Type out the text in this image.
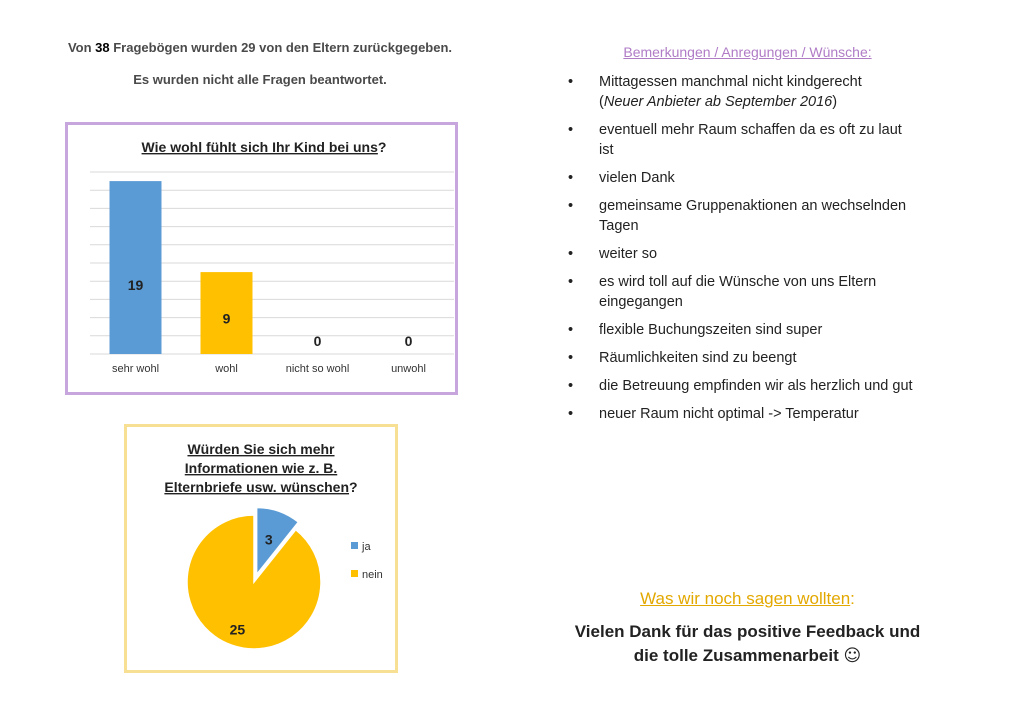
Von 38 Fragebögen wurden 29 von den Eltern zurückgegeben.
Es wurden nicht alle Fragen beantwortet.
Wie wohl fühlt sich Ihr Kind bei uns?
19
9
0	0
sehr wohl	wohl	nicht so wohl	unwohl
Würden Sie sich mehr
Informationen wie z. B.
Elternbriefe usw. wünschen?
3
25
ja
nein
Bemerkungen / Anregungen / Wünsche:
• Mittagessen manchmal nicht kindgerecht
(Neuer Anbieter ab September 2016)
• eventuell mehr Raum schaffen da es oft zu laut ist
• vielen Dank
• gemeinsame Gruppenaktionen an wechselnden Tagen
• weiter so
• es wird toll auf die Wünsche von uns Eltern eingegangen
• flexible Buchungszeiten sind super
• Räumlichkeiten sind zu beengt
• die Betreuung empfinden wir als herzlich und gut
• neuer Raum nicht optimal -> Temperatur
Was wir noch sagen wollten:
Vielen Dank für das positive Feedback und
die tolle Zusammenarbeit ☺
